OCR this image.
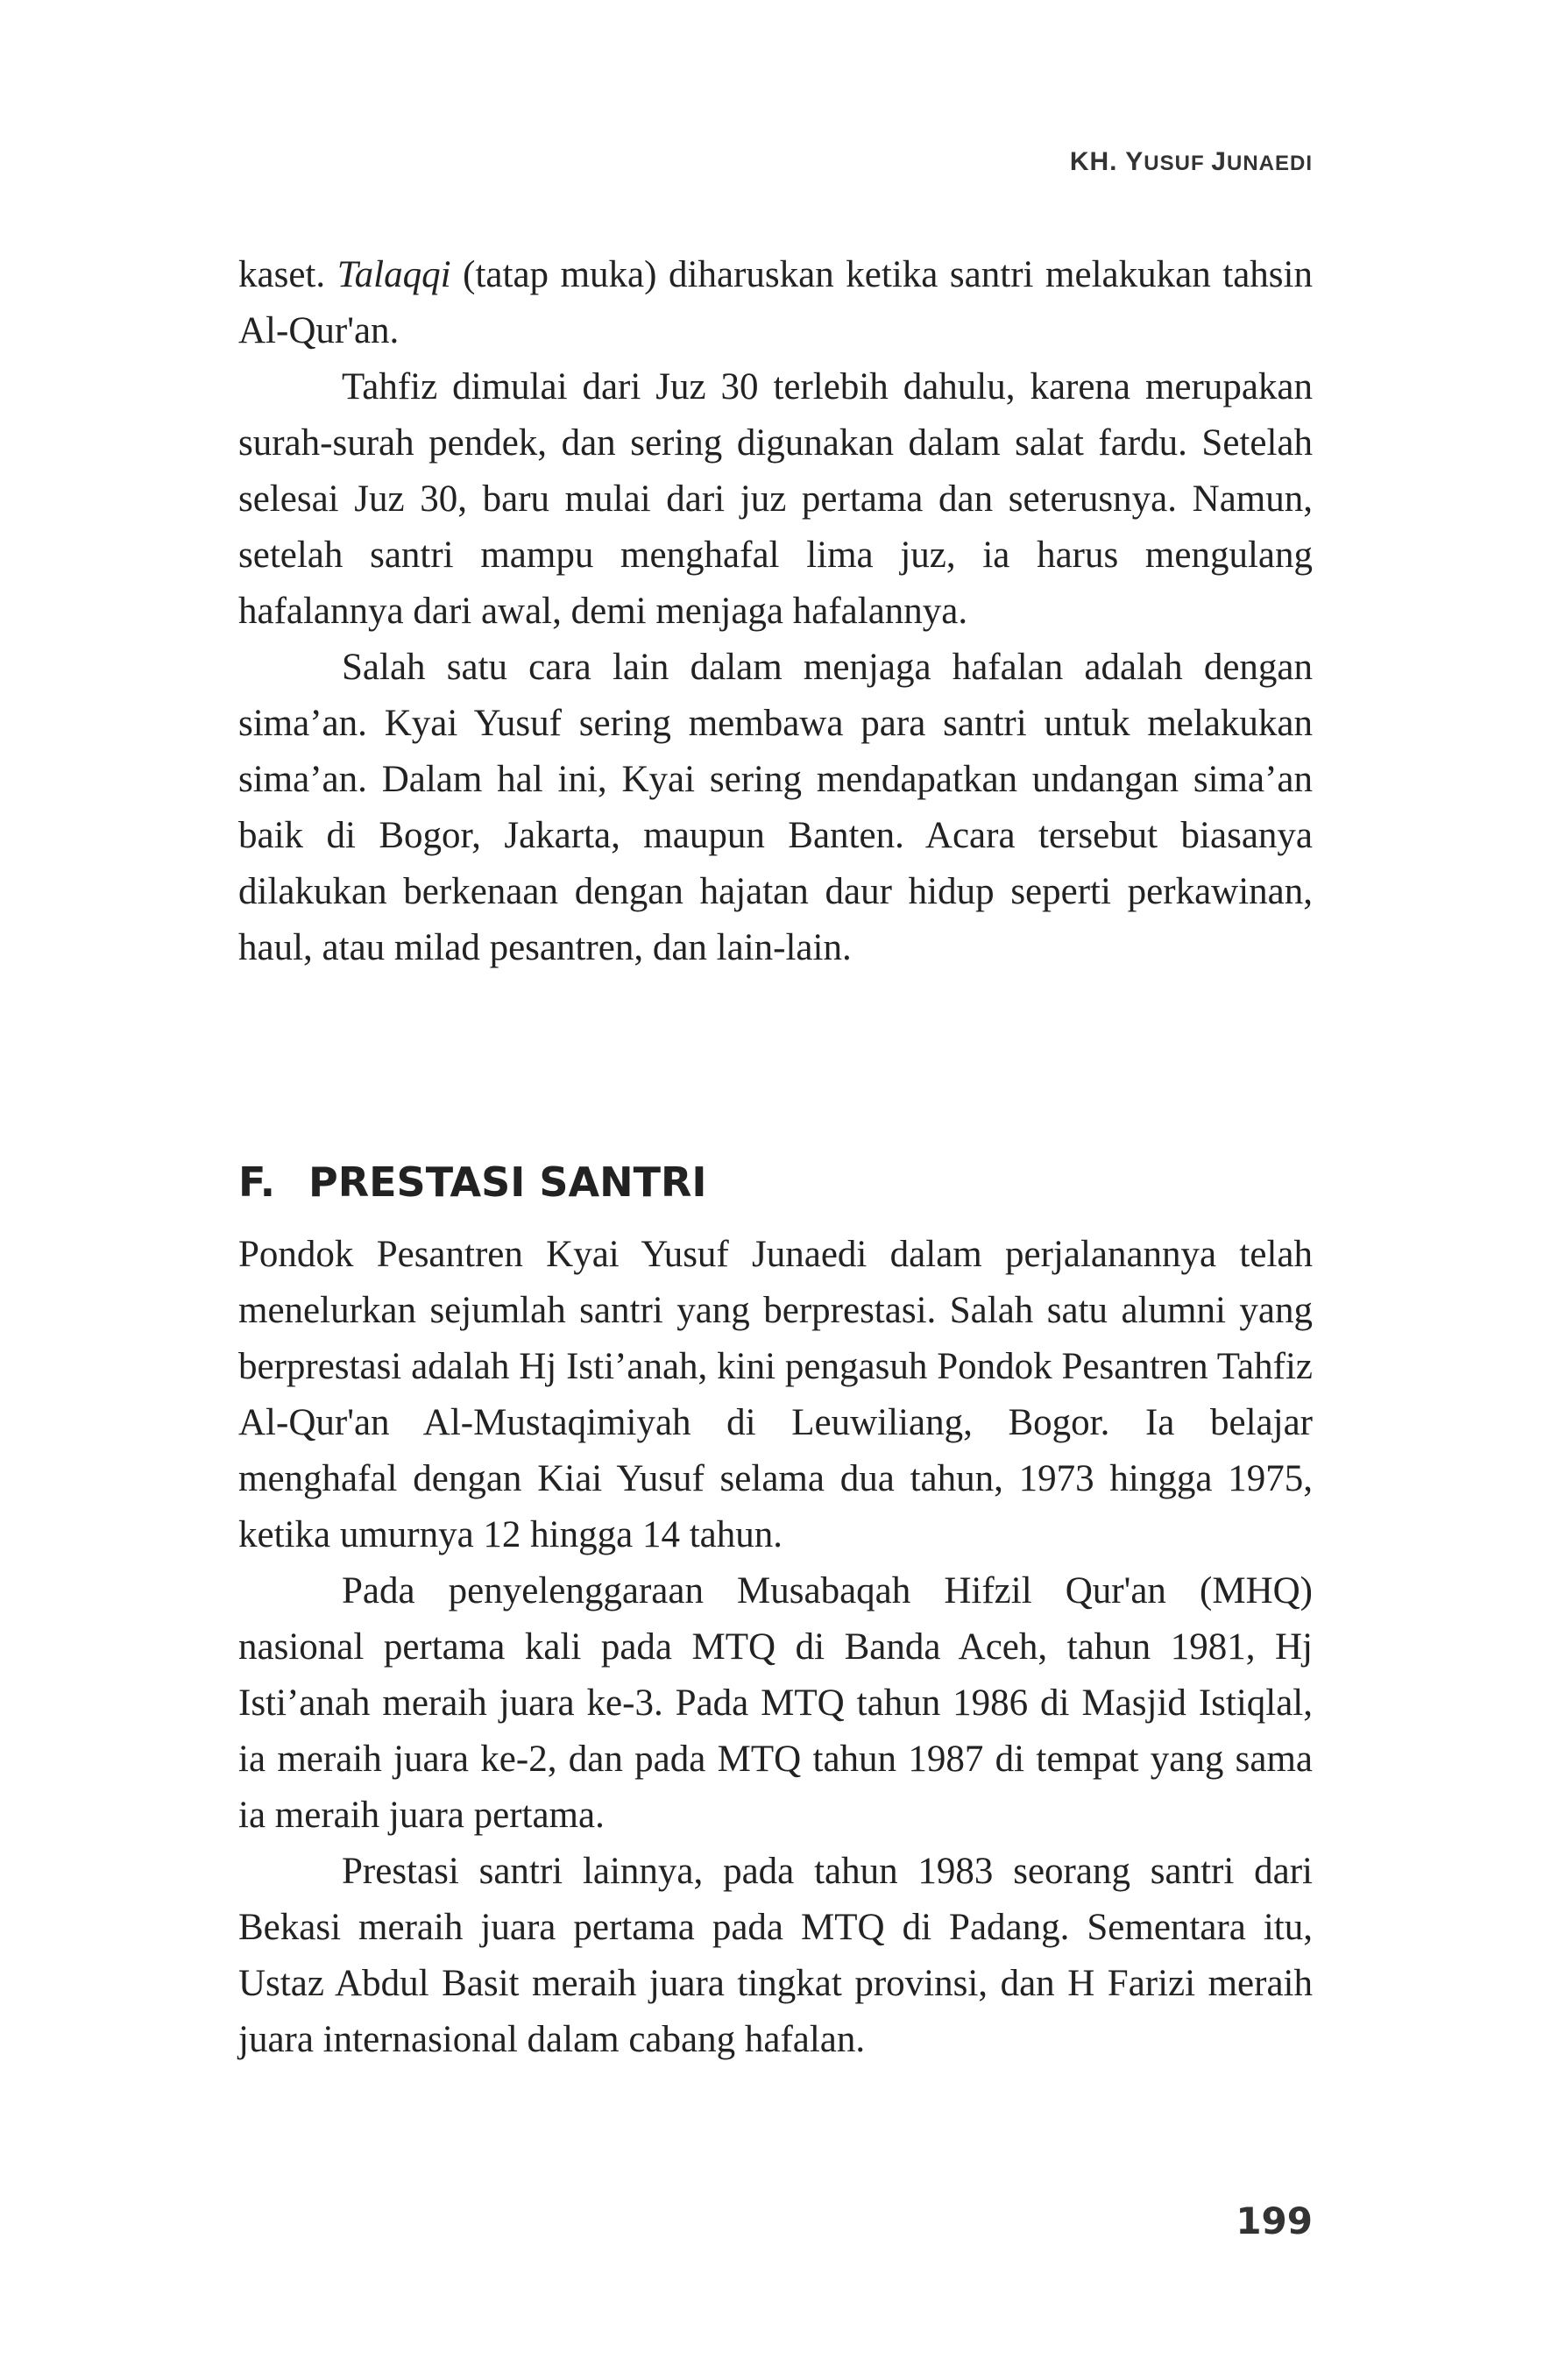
KH. YUSUF JUNAEDI

kaset. Talaqqi (tatap muka) diharuskan ketika santri melakukan tahsin Al-Qur'an.

Tahfiz dimulai dari Juz 30 terlebih dahulu, karena merupakan surah-surah pendek, dan sering digunakan dalam salat fardu. Setelah selesai Juz 30, baru mulai dari juz pertama dan seterusnya. Namun, setelah santri mampu menghafal lima juz, ia harus mengulang hafalannya dari awal, demi menjaga hafalannya.

Salah satu cara lain dalam menjaga hafalan adalah dengan sima’an. Kyai Yusuf sering membawa para santri untuk melakukan sima’an. Dalam hal ini, Kyai sering mendapatkan undangan sima’an baik di Bogor, Jakarta, maupun Banten. Acara tersebut biasanya dilakukan berkenaan dengan hajatan daur hidup seperti perkawinan, haul, atau milad pesantren, dan lain-lain.

F. PRESTASI SANTRI

Pondok Pesantren Kyai Yusuf Junaedi dalam perjalanannya telah menelurkan sejumlah santri yang berprestasi. Salah satu alumni yang berprestasi adalah Hj Isti’anah, kini pengasuh Pondok Pesantren Tahfiz Al-Qur'an Al-Mustaqimiyah di Leuwiliang, Bogor. Ia belajar menghafal dengan Kiai Yusuf selama dua tahun, 1973 hingga 1975, ketika umurnya 12 hingga 14 tahun.

Pada penyelenggaraan Musabaqah Hifzil Qur'an (MHQ) nasional pertama kali pada MTQ di Banda Aceh, tahun 1981, Hj Isti’anah meraih juara ke-3. Pada MTQ tahun 1986 di Masjid Istiqlal, ia meraih juara ke-2, dan pada MTQ tahun 1987 di tempat yang sama ia meraih juara pertama.

Prestasi santri lainnya, pada tahun 1983 seorang santri dari Bekasi meraih juara pertama pada MTQ di Padang. Sementara itu, Ustaz Abdul Basit meraih juara tingkat provinsi, dan H Farizi meraih juara internasional dalam cabang hafalan.

199
